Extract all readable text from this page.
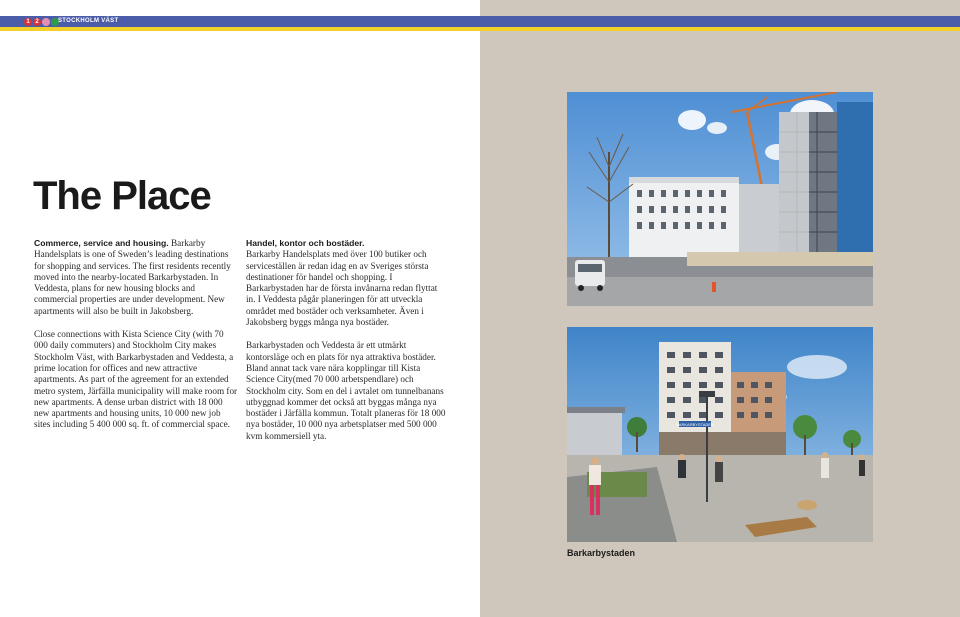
1 2	STOCKHOLM VÄST
The Place

Commerce, service and housing. Barkarby Handelsplats is one of Sweden’s leading destinations for shopping and services. The first residents recently moved into the nearby-located Barkarbystaden. In Veddesta, plans for new housing blocks and commercial properties are under development. New apartments will also be built in Jakobsberg.

Close connections with Kista Science City (with 70 000 daily commuters) and Stockholm City makes Stockholm Väst, with Barkarbystaden and Veddesta, a prime location for offices and new attractive apartments. As part of the agreement for an extended metro system, Järfälla municipality will make room for new apartments. A dense urban district with 18 000 new apartments and housing units, 10 000 new job sites including 5 400 000 sq. ft. of commercial space.

Handel, kontor och bostäder.
Barkarby Handelsplats med över 100 butiker och serviceställen är redan idag en av Sveriges största destinationer för handel och shopping. I Barkarbystaden har de första invånarna redan flyttat in. I Veddesta pågår planeringen för att utveckla området med bostäder och verksamheter. Även i Jakobsberg byggs många nya bostäder.

Barkarbystaden och Veddesta är ett utmärkt kontorsläge och en plats för nya attraktiva bostäder. Bland annat tack vare nära kopplingar till Kista Science City(med 70 000 arbetspendlare) och Stockholm city. Som en del i avtalet om tunnelbanans utbyggnad kommer det också att byggas många nya bostäder i Järfälla kommun. Totalt planeras för 18 000 nya bostäder, 10 000 nya arbetsplatser med 500 000 kvm kommersiell yta.

BARKARBYSTADEN
Barkarbystaden
